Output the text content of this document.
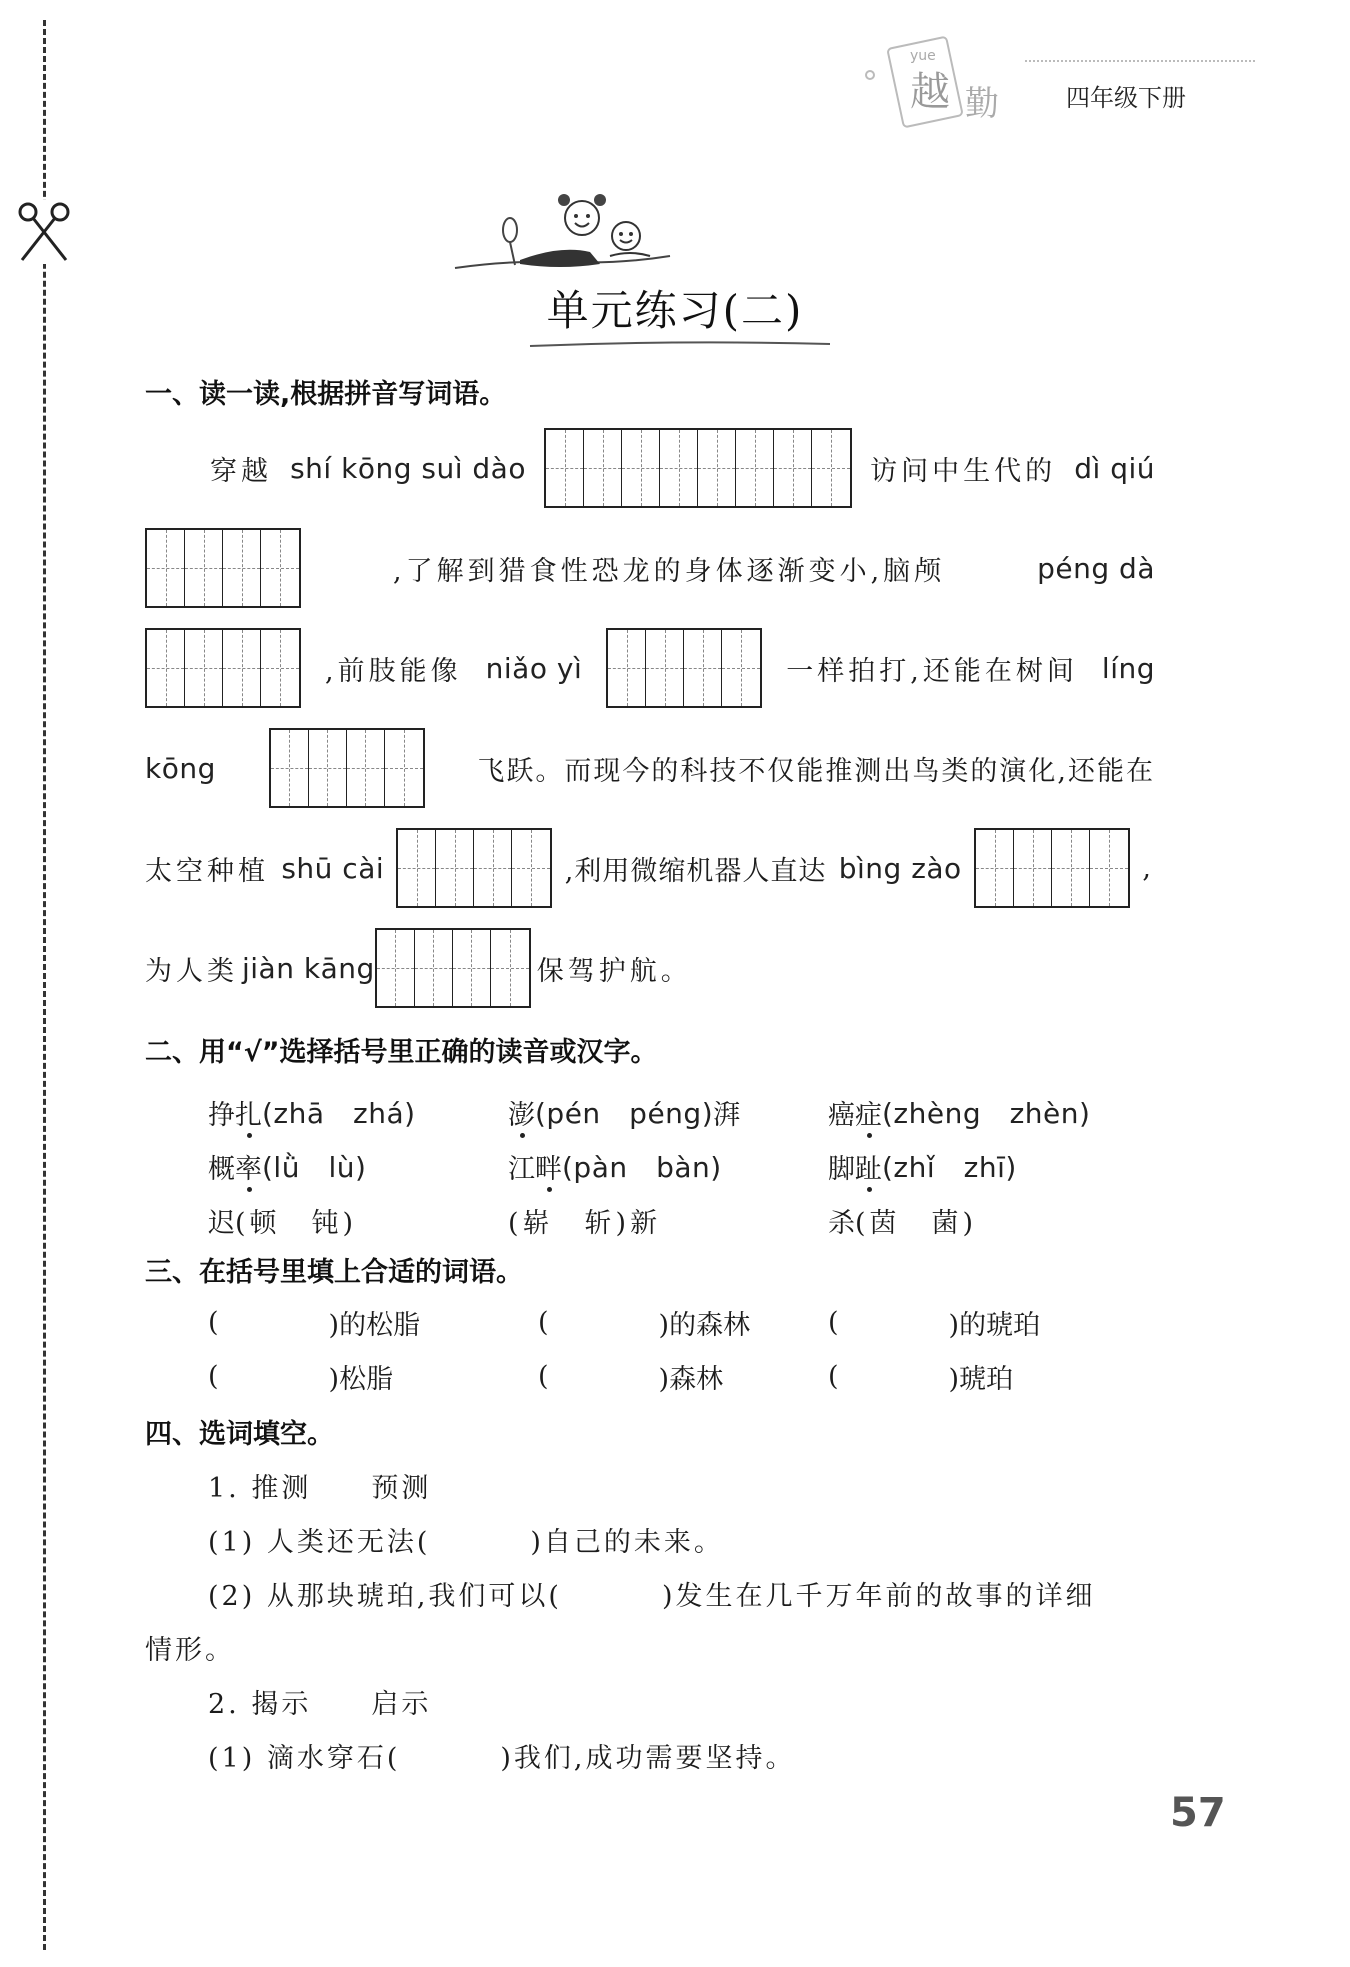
yue
越 勤	四年级下册
单元练习(二)
一、读一读,根据拼音写词语。
穿越 shí kōng suì dào	访问中生代的 dì qiú
,了解到猎食性恐龙的身体逐渐变小,脑颅	péng dà
,前肢能像 niǎo yì	一样拍打,还能在树间 líng
kōng	飞跃。而现今的科技不仅能推测出鸟类的演化,还能在
太空种植 shū cài	,利用微缩机器人直达 bìng zào	,
为人类 jiàn kāng	保驾护航。
二、用“√”选择括号里正确的读音或汉字。
挣 扎 (zhā　zhá)	澎 (pén　péng) 湃	癌 症 (zhèng　zhèn)
概 率 (lǜ　lù)	江 畔 (pàn　bàn)	脚 趾 (zhǐ　zhī)
迟 (顿　钝)	(崭　斩) 新	杀 (茵　菌)
三、在括号里填上合适的词语。
(	)的松脂	(	)的森林	(	)的琥珀
(	)松脂	(	)森林	(	)琥珀
四、选词填空。
1. 推测　　预测
(1) 人类还无法(	)自己的未来。
(2) 从那块琥珀,我们可以(	)发生在几千万年前的故事的详细
情形。
2. 揭示　　启示
(1) 滴水穿石(	)我们,成功需要坚持。
57
